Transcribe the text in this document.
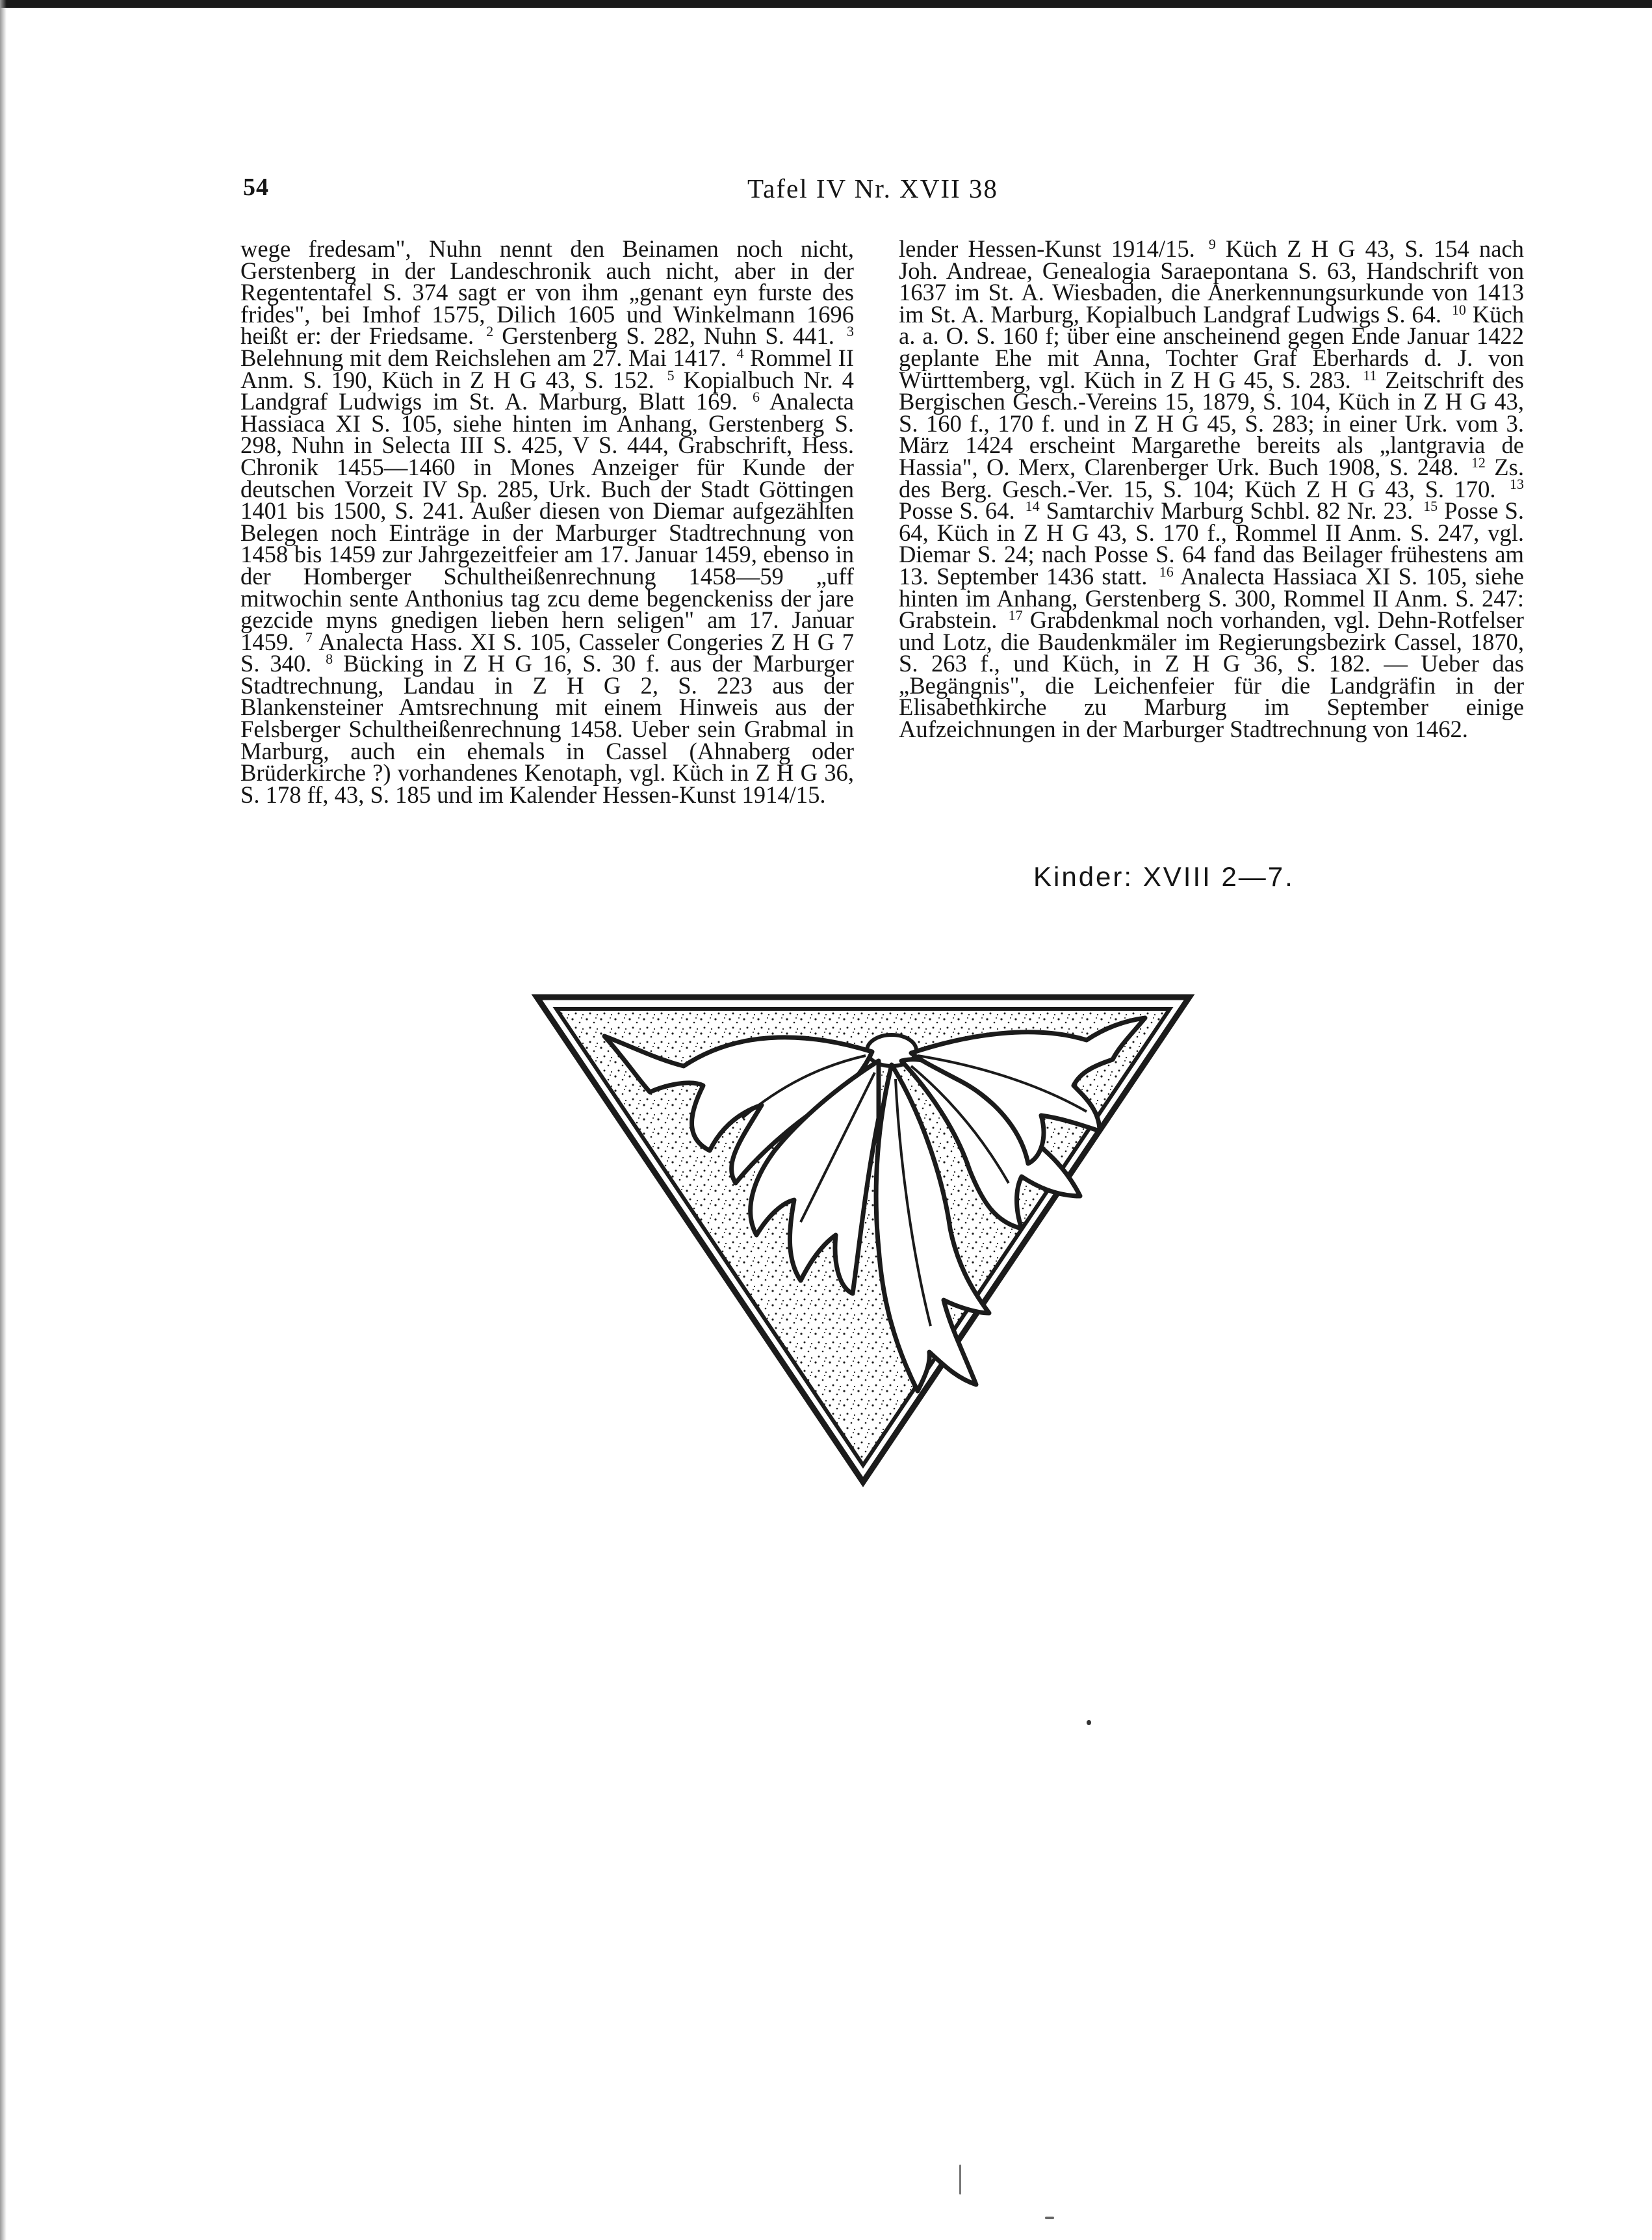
54	Tafel IV Nr. XVII 38

wege fredesam", Nuhn nennt den Beinamen noch nicht, Gerstenberg in der Landeschronik auch nicht, aber in der Regententafel S. 374 sagt er von ihm „genant eyn furste des frides", bei Imhof 1575, Dilich 1605 und Winkelmann 1696 heißt er: der Friedsame. $^2$ Gerstenberg S. 282, Nuhn S. 441. $^3$ Belehnung mit dem Reichslehen am 27. Mai 1417. $^4$ Rommel II Anm. S. 190, Küch in Z H G 43, S. 152. $^5$ Kopialbuch Nr. 4 Landgraf Ludwigs im St. A. Marburg, Blatt 169. $^6$ Analecta Hassiaca XI S. 105, siehe hinten im Anhang, Gerstenberg S. 298, Nuhn in Selecta III S. 425, V S. 444, Grabschrift, Hess. Chronik 1455—1460 in Mones Anzeiger für Kunde der deutschen Vorzeit IV Sp. 285, Urk. Buch der Stadt Göttingen 1401 bis 1500, S. 241. Außer diesen von Diemar aufgezählten Belegen noch Einträge in der Marburger Stadtrechnung von 1458 bis 1459 zur Jahrgezeitfeier am 17. Januar 1459, ebenso in der Homberger Schultheißenrechnung 1458—59 „uff mitwochin sente Anthonius tag zcu deme begenckeniss der jare gezcide myns gnedigen lieben hern seligen" am 17. Januar 1459. $^7$ Analecta Hass. XI S. 105, Casseler Congeries Z H G 7 S. 340. $^8$ Bücking in Z H G 16, S. 30 f. aus der Marburger Stadtrechnung, Landau in Z H G 2, S. 223 aus der Blankensteiner Amtsrechnung mit einem Hinweis aus der Felsberger Schultheißenrechnung 1458. Ueber sein Grabmal in Marburg, auch ein ehemals in Cassel (Ahnaberg oder Brüderkirche ?) vorhandenes Kenotaph, vgl. Küch in Z H G 36, S. 178 ff, 43, S. 185 und im Kalender Hessen-Kunst 1914/15.

lender Hessen-Kunst 1914/15. $^9$ Küch Z H G 43, S. 154 nach Joh. Andreae, Genealogia Saraepontana S. 63, Handschrift von 1637 im St. A. Wiesbaden, die Anerkennungsurkunde von 1413 im St. A. Marburg, Kopialbuch Landgraf Ludwigs S. 64. $^{10}$ Küch a. a. O. S. 160 f; über eine anscheinend gegen Ende Januar 1422 geplante Ehe mit Anna, Tochter Graf Eberhards d. J. von Württemberg, vgl. Küch in Z H G 45, S. 283. $^{11}$ Zeitschrift des Bergischen Gesch.-Vereins 15, 1879, S. 104, Küch in Z H G 43, S. 160 f., 170 f. und in Z H G 45, S. 283; in einer Urk. vom 3. März 1424 erscheint Margarethe bereits als „lantgravia de Hassia", O. Merx, Clarenberger Urk. Buch 1908, S. 248. $^{12}$ Zs. des Berg. Gesch.-Ver. 15, S. 104; Küch Z H G 43, S. 170. $^{13}$ Posse S. 64. $^{14}$ Samtarchiv Marburg Schbl. 82 Nr. 23. $^{15}$ Posse S. 64, Küch in Z H G 43, S. 170 f., Rommel II Anm. S. 247, vgl. Diemar S. 24; nach Posse S. 64 fand das Beilager frühestens am 13. September 1436 statt. $^{16}$ Analecta Hassiaca XI S. 105, siehe hinten im Anhang, Gerstenberg S. 300, Rommel II Anm. S. 247: Grabstein. $^{17}$ Grabdenkmal noch vorhanden, vgl. Dehn-Rotfelser und Lotz, die Baudenkmäler im Regierungsbezirk Cassel, 1870, S. 263 f., und Küch, in Z H G 36, S. 182. — Ueber das „Begängnis", die Leichenfeier für die Landgräfin in der Elisabethkirche zu Marburg im September einige Aufzeichnungen in der Marburger Stadtrechnung von 1462.

Kinder: XVIII 2—7.
